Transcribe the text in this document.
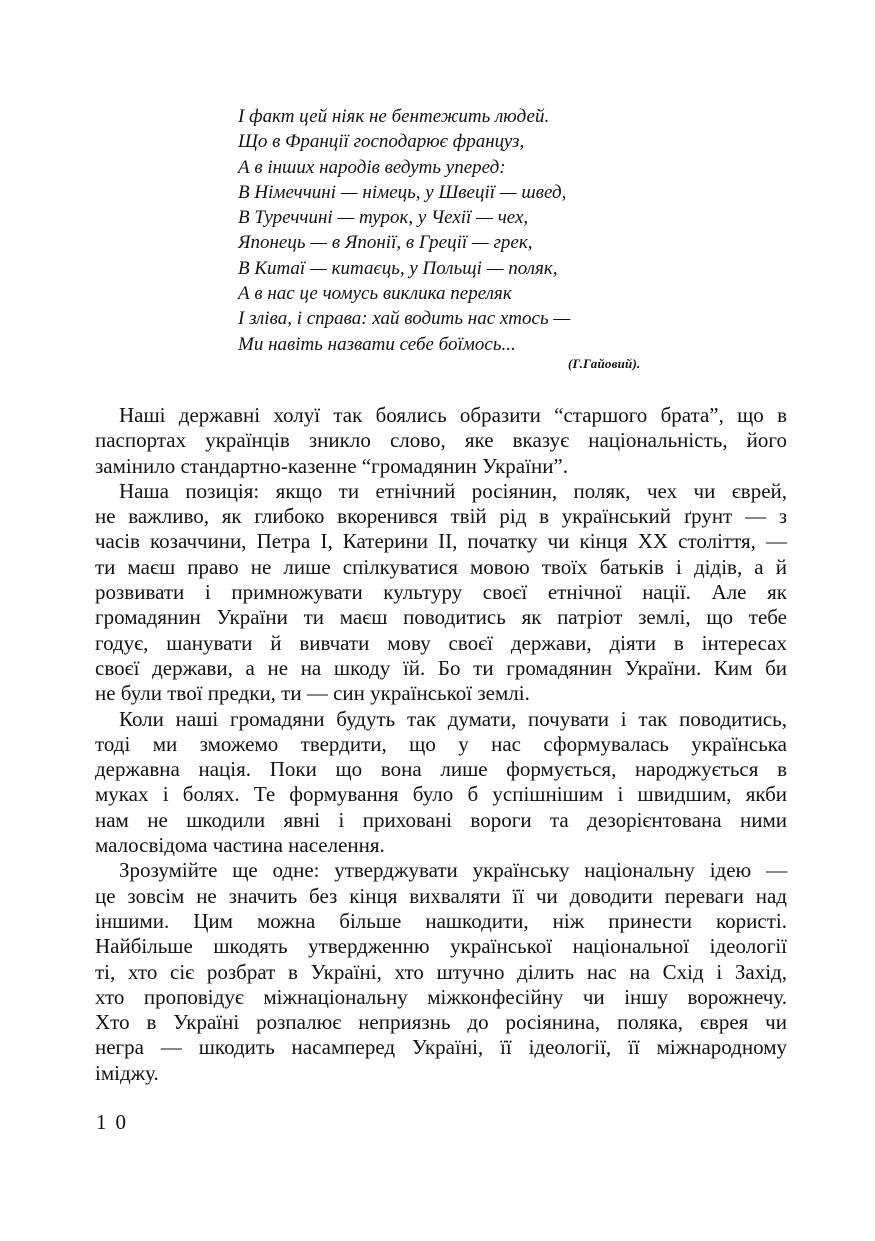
І факт цей ніяк не бентежить людей.
Що в Франції господарює француз,
А в інших народів ведуть уперед:
В Німеччині — німець, у Швеції — швед,
В Туреччині — турок, у Чехії — чех,
Японець — в Японії, в Греції — грек,
В Китаї — китаєць, у Польщі — поляк,
А в нас це чомусь виклика переляк
І зліва, і справа: хай водить нас хтось —
Ми навіть назвати себе боїмось...
(Г.Гайовий).
Наші державні холуї так боялись образити “старшого брата”, що в
паспортах українців зникло слово, яке вказує національність, його
замінило стандартно-казенне “громадянин України”.
Наша позиція: якщо ти етнічний росіянин, поляк, чех чи єврей,
не важливо, як глибоко вкоренився твій рід в український ґрунт — з
часів козаччини, Петра І, Катерини ІІ, початку чи кінця ХХ століття, —
ти маєш право не лише спілкуватися мовою твоїх батьків і дідів, а й
розвивати і примножувати культуру своєї етнічної нації. Але як
громадянин України ти маєш поводитись як патріот землі, що тебе
годує, шанувати й вивчати мову своєї держави, діяти в інтересах
своєї держави, а не на шкоду їй. Бо ти громадянин України. Ким би
не були твої предки, ти — син української землі.
Коли наші громадяни будуть так думати, почувати і так поводитись,
тоді ми зможемо твердити, що у нас сформувалась українська
державна нація. Поки що вона лише формується, народжується в
муках і болях. Те формування було б успішнішим і швидшим, якби
нам не шкодили явні і приховані вороги та дезорієнтована ними
малосвідома частина населення.
Зрозумійте ще одне: утверджувати українську національну ідею —
це зовсім не значить без кінця вихваляти її чи доводити переваги над
іншими. Цим можна більше нашкодити, ніж принести користі.
Найбільше шкодять утвердженню української національної ідеології
ті, хто сіє розбрат в Україні, хто штучно ділить нас на Схід і Захід,
хто проповідує міжнаціональну міжконфесійну чи іншу ворожнечу.
Хто в Україні розпалює неприязнь до росіянина, поляка, єврея чи
негра — шкодить насамперед Україні, її ідеології, її міжнародному
іміджу.
10
